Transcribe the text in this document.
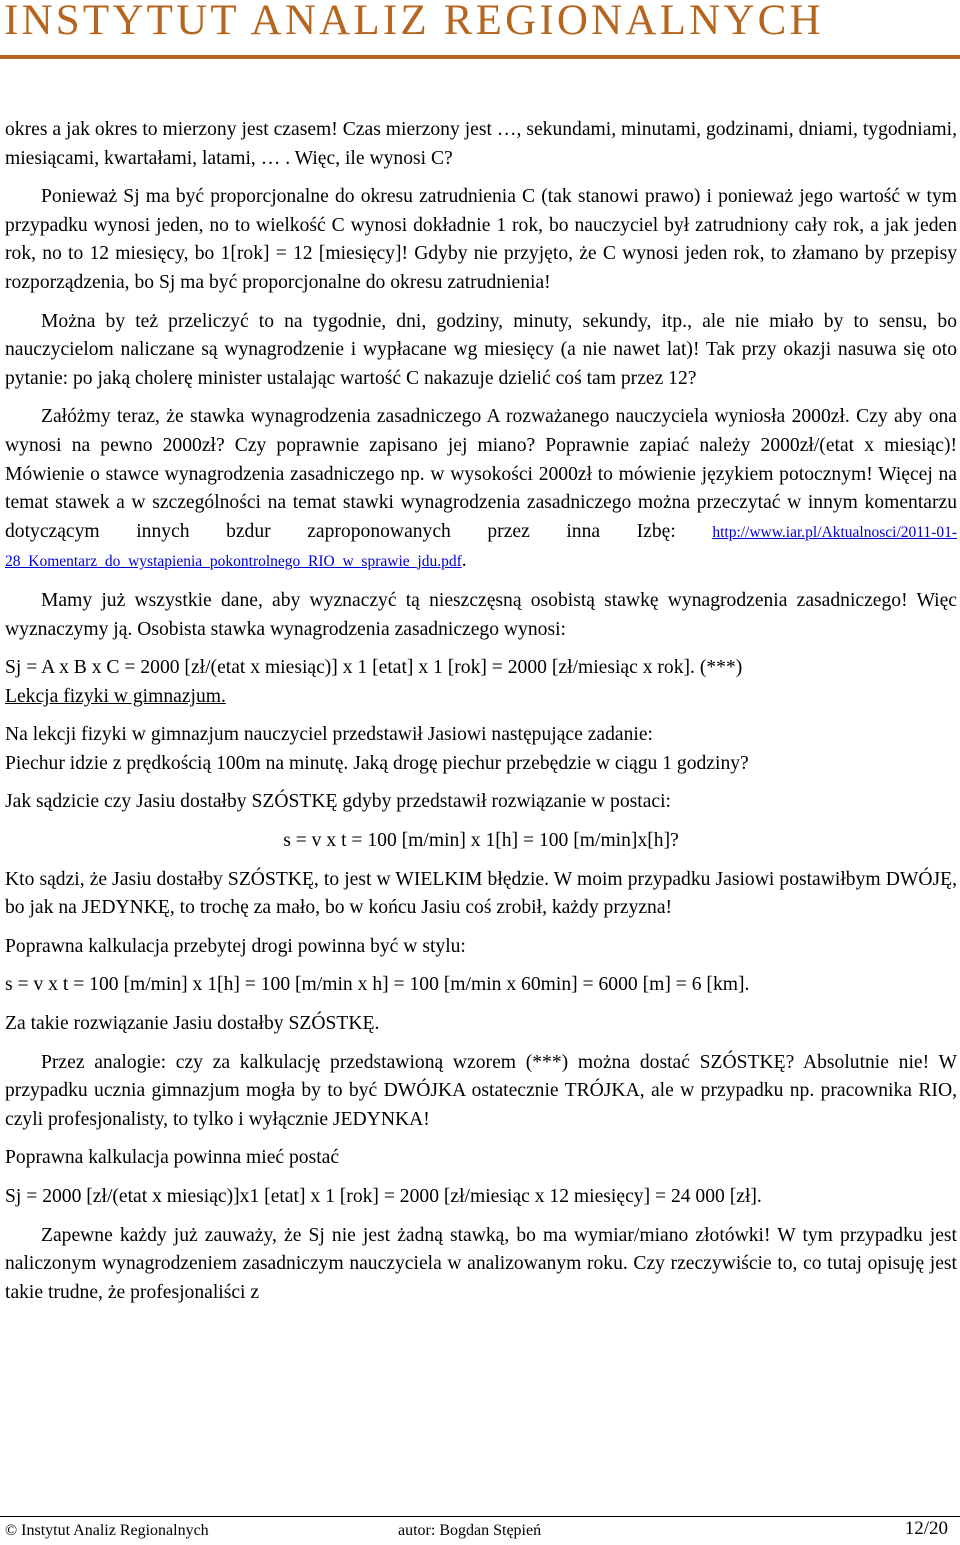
INSTYTUT ANALIZ REGIONALNYCH

okres a jak okres to mierzony jest czasem! Czas mierzony jest …, sekundami, minutami, godzinami, dniami, tygodniami, miesiącami, kwartałami, latami, … . Więc, ile wynosi C?

Ponieważ Sj ma być proporcjonalne do okresu zatrudnienia C (tak stanowi prawo) i ponieważ jego wartość w tym przypadku wynosi jeden, no to wielkość C wynosi dokładnie 1 rok, bo nauczyciel był zatrudniony cały rok, a jak jeden rok, no to 12 miesięcy, bo 1[rok] = 12 [miesięcy]! Gdyby nie przyjęto, że C wynosi jeden rok, to złamano by przepisy rozporządzenia, bo Sj ma być proporcjonalne do okresu zatrudnienia!

Można by też przeliczyć to na tygodnie, dni, godziny, minuty, sekundy, itp., ale nie miało by to sensu, bo nauczycielom naliczane są wynagrodzenie i wypłacane wg miesięcy (a nie nawet lat)! Tak przy okazji nasuwa się oto pytanie: po jaką cholerę minister ustalając wartość C nakazuje dzielić coś tam przez 12?

Załóżmy teraz, że stawka wynagrodzenia zasadniczego A rozważanego nauczyciela wyniosła 2000zł. Czy aby ona wynosi na pewno 2000zł? Czy poprawnie zapisano jej miano? Poprawnie zapiać należy 2000zł/(etat x miesiąc)! Mówienie o stawce wynagrodzenia zasadniczego np. w wysokości 2000zł to mówienie językiem potocznym! Więcej na temat stawek a w szczególności na temat stawki wynagrodzenia zasadniczego można przeczytać w innym komentarzu dotyczącym innych bzdur zaproponowanych przez inna Izbę: http://www.iar.pl/Aktualnosci/2011-01-28_Komentarz_do_wystapienia_pokontrolnego_RIO_w_sprawie_jdu.pdf.

Mamy już wszystkie dane, aby wyznaczyć tą nieszczęsną osobistą stawkę wynagrodzenia zasadniczego! Więc wyznaczymy ją. Osobista stawka wynagrodzenia zasadniczego wynosi:

Sj = A x B x C = 2000 [zł/(etat x miesiąc)] x 1 [etat] x 1 [rok] = 2000 [zł/miesiąc x rok]. (***)

Lekcja fizyki w gimnazjum.

Na lekcji fizyki w gimnazjum nauczyciel przedstawił Jasiowi następujące zadanie:

Piechur idzie z prędkością 100m na minutę. Jaką drogę piechur przebędzie w ciągu 1 godziny?

Jak sądzicie czy Jasiu dostałby SZÓSTKĘ gdyby przedstawił rozwiązanie w postaci:

s = v x t = 100 [m/min] x 1[h] = 100 [m/min]x[h]?

Kto sądzi, że Jasiu dostałby SZÓSTKĘ, to jest w WIELKIM błędzie. W moim przypadku Jasiowi postawiłbym DWÓJĘ, bo jak na JEDYNKĘ, to trochę za mało, bo w końcu Jasiu coś zrobił, każdy przyzna!

Poprawna kalkulacja przebytej drogi powinna być w stylu:

s = v x t = 100 [m/min] x 1[h] = 100 [m/min x h] = 100 [m/min x 60min] = 6000 [m] = 6 [km].

Za takie rozwiązanie Jasiu dostałby SZÓSTKĘ.

Przez analogie: czy za kalkulację przedstawioną wzorem (***) można dostać SZÓSTKĘ? Absolutnie nie! W przypadku ucznia gimnazjum mogła by to być DWÓJKA ostatecznie TRÓJKA, ale w przypadku np. pracownika RIO, czyli profesjonalisty, to tylko i wyłącznie JEDYNKA!

Poprawna kalkulacja powinna mieć postać

Sj = 2000 [zł/(etat x miesiąc)]x1 [etat] x 1 [rok] = 2000 [zł/miesiąc x 12 miesięcy] = 24 000 [zł].

Zapewne każdy już zauważy, że Sj nie jest żadną stawką, bo ma wymiar/miano złotówki! W tym przypadku jest naliczonym wynagrodzeniem zasadniczym nauczyciela w analizowanym roku. Czy rzeczywiście to, co tutaj opisuję jest takie trudne, że profesjonaliści z

© Instytut Analiz Regionalnych	autor: Bogdan Stępień	12/20
